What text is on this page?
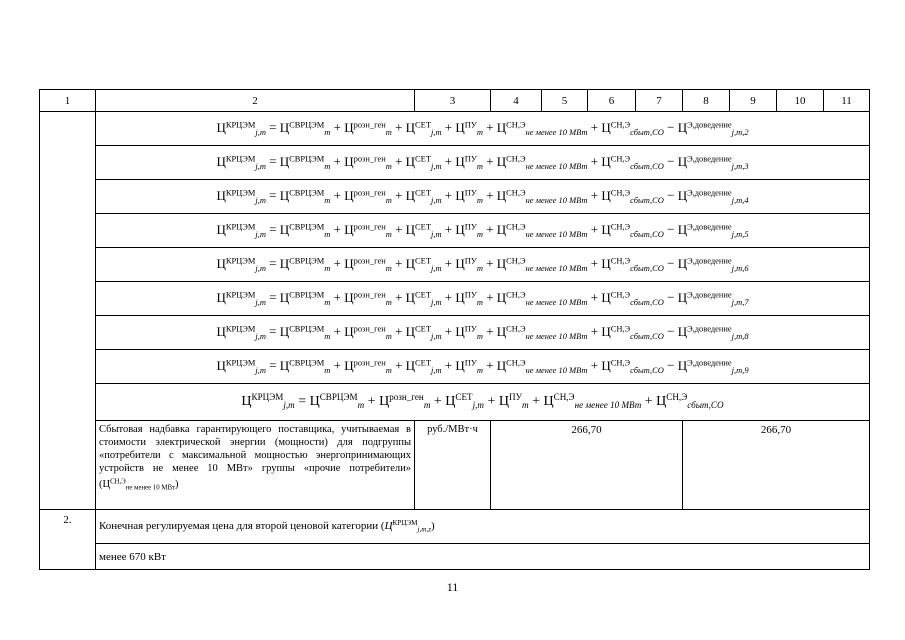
1	2	3	4	5	6	7	8	9	10	11
	$Ц^{КРЦЭМ}_{j,m} = Ц^{СВРЦЭМ}_m + Ц^{розн\_ген}_m + Ц^{СЕТ}_{j,m} + Ц^{ПУ}_m + Ц^{СН,Э}_{не менее 10 МВт} + Ц^{СН,Э}_{сбыт,СО} - Ц^{Э,доведение}_{j,m,2}$
	$Ц^{КРЦЭМ}_{j,m} = Ц^{СВРЦЭМ}_m + Ц^{розн\_ген}_m + Ц^{СЕТ}_{j,m} + Ц^{ПУ}_m + Ц^{СН,Э}_{не менее 10 МВт} + Ц^{СН,Э}_{сбыт,СО} - Ц^{Э,доведение}_{j,m,3}$
	$Ц^{КРЦЭМ}_{j,m} = Ц^{СВРЦЭМ}_m + Ц^{розн\_ген}_m + Ц^{СЕТ}_{j,m} + Ц^{ПУ}_m + Ц^{СН,Э}_{не менее 10 МВт} + Ц^{СН,Э}_{сбыт,СО} - Ц^{Э,доведение}_{j,m,4}$
	$Ц^{КРЦЭМ}_{j,m} = Ц^{СВРЦЭМ}_m + Ц^{розн\_ген}_m + Ц^{СЕТ}_{j,m} + Ц^{ПУ}_m + Ц^{СН,Э}_{не менее 10 МВт} + Ц^{СН,Э}_{сбыт,СО} - Ц^{Э,доведение}_{j,m,5}$
	$Ц^{КРЦЭМ}_{j,m} = Ц^{СВРЦЭМ}_m + Ц^{розн\_ген}_m + Ц^{СЕТ}_{j,m} + Ц^{ПУ}_m + Ц^{СН,Э}_{не менее 10 МВт} + Ц^{СН,Э}_{сбыт,СО} - Ц^{Э,доведение}_{j,m,6}$
	$Ц^{КРЦЭМ}_{j,m} = Ц^{СВРЦЭМ}_m + Ц^{розн\_ген}_m + Ц^{СЕТ}_{j,m} + Ц^{ПУ}_m + Ц^{СН,Э}_{не менее 10 МВт} + Ц^{СН,Э}_{сбыт,СО} - Ц^{Э,доведение}_{j,m,7}$
	$Ц^{КРЦЭМ}_{j,m} = Ц^{СВРЦЭМ}_m + Ц^{розн\_ген}_m + Ц^{СЕТ}_{j,m} + Ц^{ПУ}_m + Ц^{СН,Э}_{не менее 10 МВт} + Ц^{СН,Э}_{сбыт,СО} - Ц^{Э,доведение}_{j,m,8}$
	$Ц^{КРЦЭМ}_{j,m} = Ц^{СВРЦЭМ}_m + Ц^{розн\_ген}_m + Ц^{СЕТ}_{j,m} + Ц^{ПУ}_m + Ц^{СН,Э}_{не менее 10 МВт} + Ц^{СН,Э}_{сбыт,СО} - Ц^{Э,доведение}_{j,m,9}$
	$Ц^{КРЦЭМ}_{j,m} = Ц^{СВРЦЭМ}_m + Ц^{розн\_ген}_m + Ц^{СЕТ}_{j,m} + Ц^{ПУ}_m + Ц^{СН,Э}_{не менее 10 МВт} + Ц^{СН,Э}_{сбыт,СО}$
	Сбытовая надбавка гарантирующего поставщика, учитываемая в стоимости электрической энергии (мощности) для подгруппы «потребители с максимальной мощностью энергопринимающих устройств не менее 10 МВт» группы «прочие потребители» $(Ц^{СН,Э}_{не менее 10 МВт})$	руб./МВт·ч	266,70				266,70			
2.	Конечная регулируемая цена для второй ценовой категории $(Ц^{КРЦЭМ}_{j,m,z})$									
	менее 670 кВт									
11
